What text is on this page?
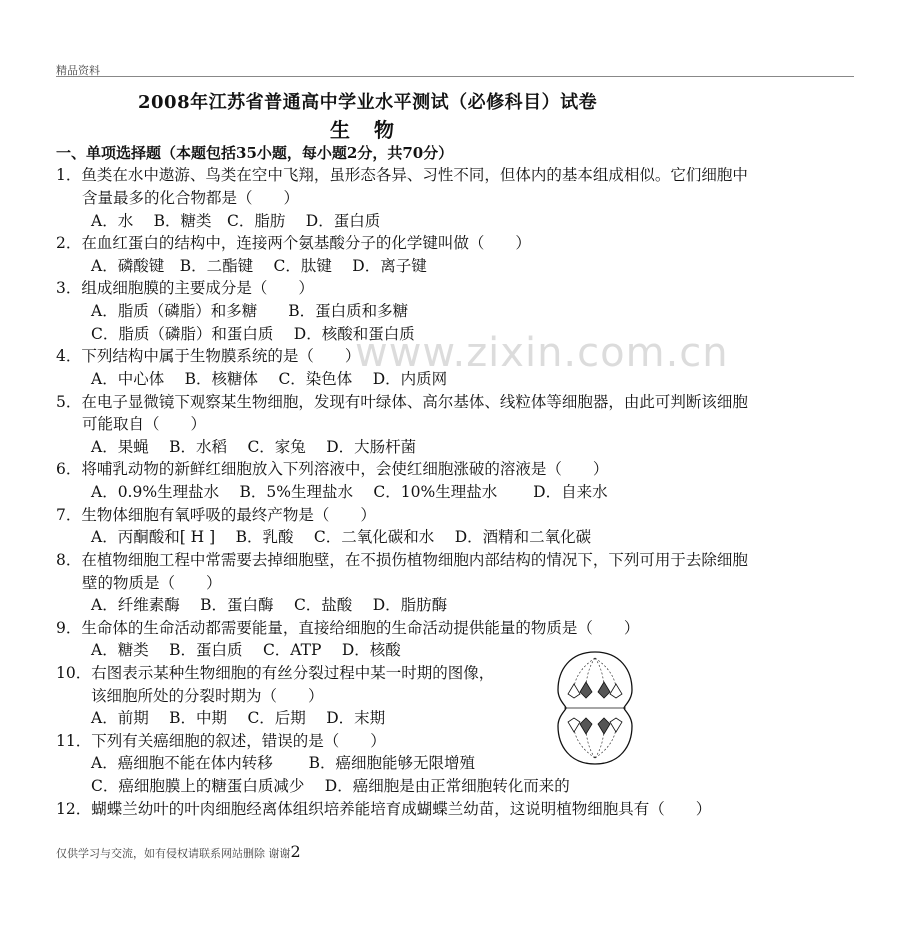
精品资料
2008年江苏省普通高中学业水平测试（必修科目）试卷
生物
一、单项选择题（本题包括35小题，每小题2分，共70分）
www.zixin.com.cn
1．鱼类在水中遨游、鸟类在空中飞翔，虽形态各异、习性不同，但体内的基本组成相似。它们细胞中
含量最多的化合物都是（　　）
A．水　 B．糖类　C．脂肪　 D．蛋白质
2．在血红蛋白的结构中，连接两个氨基酸分子的化学键叫做（　　）
A．磷酸键　B．二酯键　 C．肽键　 D．离子键
3．组成细胞膜的主要成分是（　　）
A．脂质（磷脂）和多糖　　B．蛋白质和多糖
C．脂质（磷脂）和蛋白质　 D．核酸和蛋白质
4．下列结构中属于生物膜系统的是（　　）
A．中心体　 B．核糖体　 C．染色体　 D．内质网
5．在电子显微镜下观察某生物细胞，发现有叶绿体、高尔基体、线粒体等细胞器，由此可判断该细胞
可能取自（　　）
A．果蝇　 B．水稻　 C．家兔　 D．大肠杆菌
6．将哺乳动物的新鲜红细胞放入下列溶液中，会使红细胞涨破的溶液是（　　）
A．0.9%生理盐水　 B．5%生理盐水　 C．10%生理盐水　　 D．自来水
7．生物体细胞有氧呼吸的最终产物是（　　）
A．丙酮酸和[ H ]　 B．乳酸　 C．二氧化碳和水　 D．酒精和二氧化碳
8．在植物细胞工程中常需要去掉细胞壁，在不损伤植物细胞内部结构的情况下，下列可用于去除细胞
壁的物质是（　　）
A．纤维素酶　 B．蛋白酶　 C．盐酸　 D．脂肪酶
9．生命体的生命活动都需要能量，直接给细胞的生命活动提供能量的物质是（　　）
A．糖类　 B．蛋白质　 C．ATP　 D．核酸
10．右图表示某种生物细胞的有丝分裂过程中某一时期的图像，
该细胞所处的分裂时期为（　　）
A．前期　 B．中期　 C．后期　 D．末期
11．下列有关癌细胞的叙述，错误的是（　　）
A．癌细胞不能在体内转移　　 B．癌细胞能够无限增殖
C．癌细胞膜上的糖蛋白质减少　 D．癌细胞是由正常细胞转化而来的
12．蝴蝶兰幼叶的叶肉细胞经离体组织培养能培育成蝴蝶兰幼苗，这说明植物细胞具有（　　）
仅供学习与交流，如有侵权请联系网站删除 谢谢2
